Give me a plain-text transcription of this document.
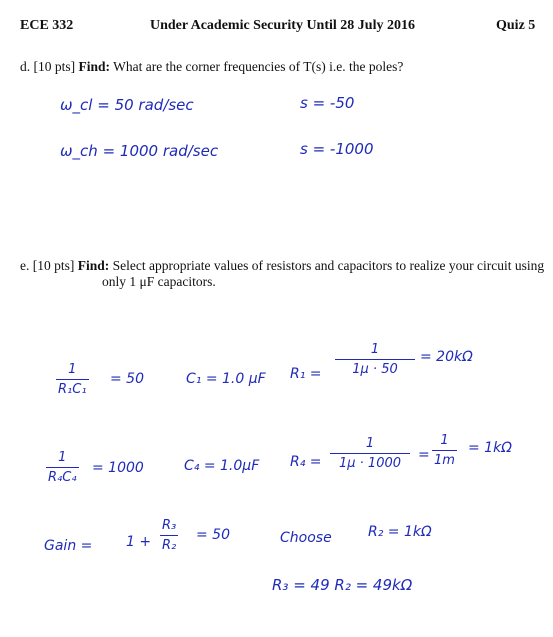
ECE 332	Under Academic Security Until 28 July 2016	Quiz 5
d. [10 pts] Find: What are the corner frequencies of T(s) i.e. the poles?
ω_cl = 50 rad/sec	s = -50
ω_ch = 1000 rad/sec	s = -1000
e. [10 pts] Find: Select appropriate values of resistors and capacitors to realize your circuit using
only 1 μF capacitors.
1
R₁C₁
= 50	C₁ = 1.0 μF R₁ =
1
1μ · 50
= 20kΩ
1
R₄C₄
= 1000	C₄ = 1.0μF R₄ =
1
1μ · 1000
=
1
1m
= 1kΩ
Gain = 1 +
R₃
R₂
= 50	Choose	R₂ = 1kΩ
R₃ = 49 R₂ = 49kΩ
